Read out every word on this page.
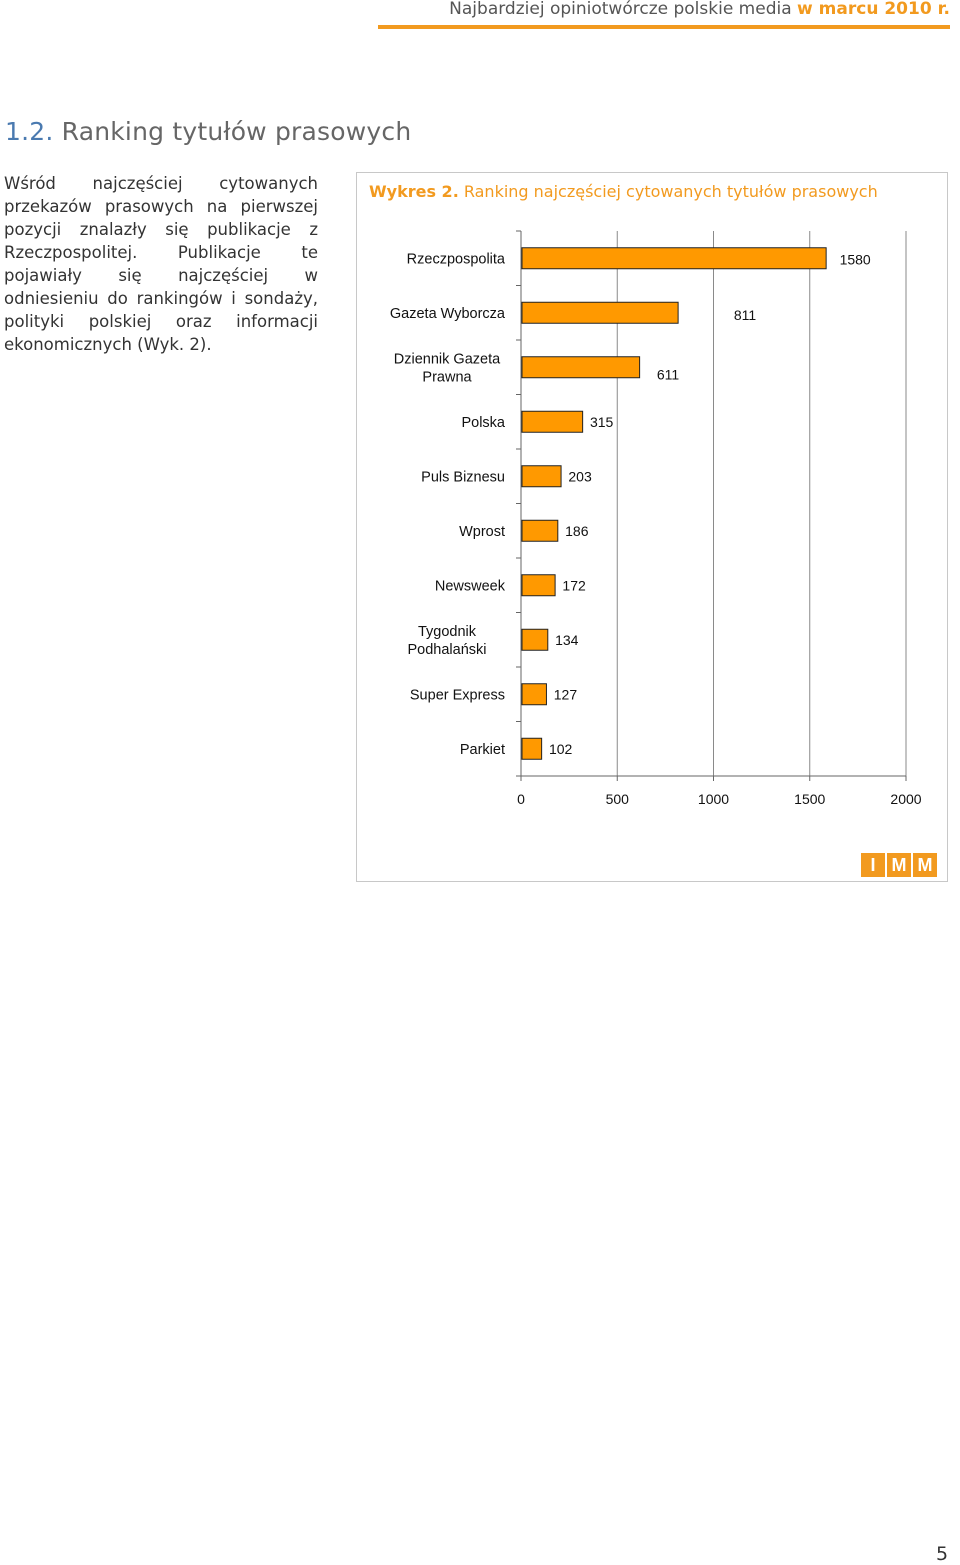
Najbardziej opiniotwórcze polskie media w marcu 2010 r.
1.2. Ranking tytułów prasowych
Wśród najczęściej cytowanych przekazów prasowych na pierwszej pozycji znalazły się publikacje z Rzeczpospolitej. Publikacje te pojawiały się najczęściej w odniesieniu do rankingów i sondaży, polityki polskiej oraz informacji ekonomicznych (Wyk. 2).
Wykres 2. Ranking najczęściej cytowanych tytułów prasowych
0	500	1000	1500	2000
1580
Rzeczpospolita
811
Gazeta Wyborcza
611
Dziennik Gazeta
Prawna
315
Polska
203
Puls Biznesu
186
Wprost
172
Newsweek
134
Tygodnik
Podhalański
127
Super Express
102
Parkiet
I M M
5
